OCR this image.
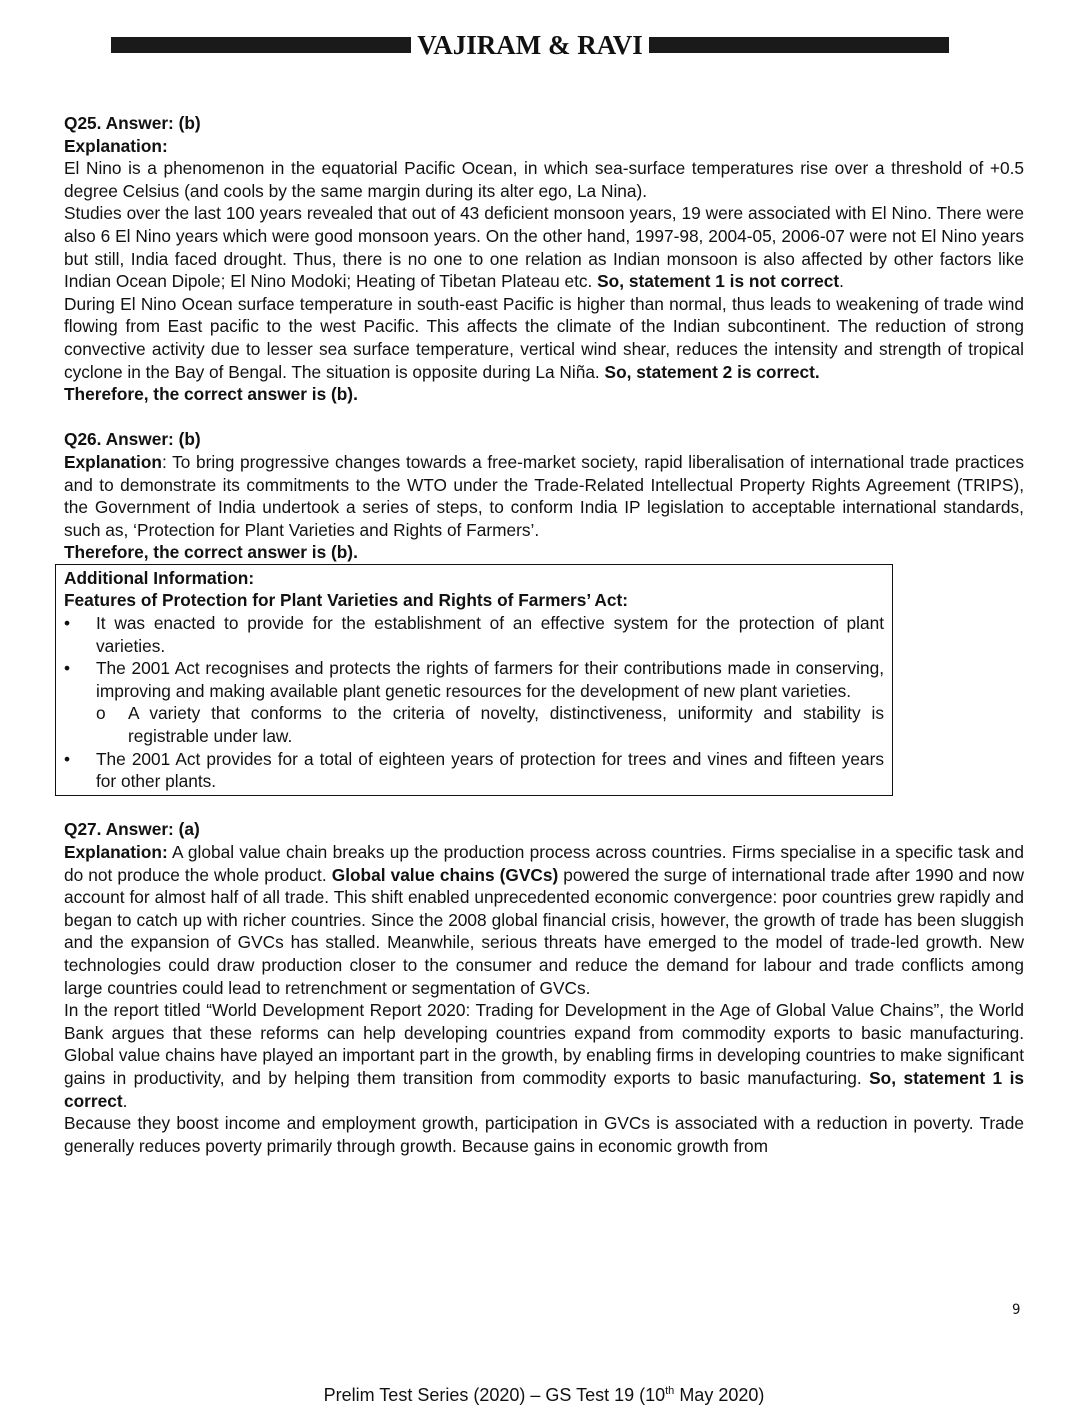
VAJIRAM & RAVI

Q25. Answer: (b)

Explanation:

El Nino is a phenomenon in the equatorial Pacific Ocean, in which sea-surface temperatures rise over a threshold of +0.5 degree Celsius (and cools by the same margin during its alter ego, La Nina).

Studies over the last 100 years revealed that out of 43 deficient monsoon years, 19 were associated with El Nino. There were also 6 El Nino years which were good monsoon years. On the other hand, 1997-98, 2004-05, 2006-07 were not El Nino years but still, India faced drought. Thus, there is no one to one relation as Indian monsoon is also affected by other factors like Indian Ocean Dipole; El Nino Modoki; Heating of Tibetan Plateau etc. So, statement 1 is not correct.

During El Nino Ocean surface temperature in south-east Pacific is higher than normal, thus leads to weakening of trade wind flowing from East pacific to the west Pacific. This affects the climate of the Indian subcontinent. The reduction of strong convective activity due to lesser sea surface temperature, vertical wind shear, reduces the intensity and strength of tropical cyclone in the Bay of Bengal. The situation is opposite during La Niña. So, statement 2 is correct.

Therefore, the correct answer is (b).

Q26. Answer: (b)

Explanation: To bring progressive changes towards a free-market society, rapid liberalisation of international trade practices and to demonstrate its commitments to the WTO under the Trade-Related Intellectual Property Rights Agreement (TRIPS), the Government of India undertook a series of steps, to conform India IP legislation to acceptable international standards, such as, ‘Protection for Plant Varieties and Rights of Farmers’.

Therefore, the correct answer is (b).

Additional Information:

Features of Protection for Plant Varieties and Rights of Farmers’ Act:

•	It was enacted to provide for the establishment of an effective system for the protection of plant varieties.
•	The 2001 Act recognises and protects the rights of farmers for their contributions made in conserving, improving and making available plant genetic resources for the development of new plant varieties.
o	A variety that conforms to the criteria of novelty, distinctiveness, uniformity and stability is registrable under law.
•	The 2001 Act provides for a total of eighteen years of protection for trees and vines and fifteen years for other plants.

Q27. Answer: (a)

Explanation: A global value chain breaks up the production process across countries. Firms specialise in a specific task and do not produce the whole product. Global value chains (GVCs) powered the surge of international trade after 1990 and now account for almost half of all trade. This shift enabled unprecedented economic convergence: poor countries grew rapidly and began to catch up with richer countries. Since the 2008 global financial crisis, however, the growth of trade has been sluggish and the expansion of GVCs has stalled. Meanwhile, serious threats have emerged to the model of trade-led growth. New technologies could draw production closer to the consumer and reduce the demand for labour and trade conflicts among large countries could lead to retrenchment or segmentation of GVCs.

In the report titled “World Development Report 2020: Trading for Development in the Age of Global Value Chains”, the World Bank argues that these reforms can help developing countries expand from commodity exports to basic manufacturing. Global value chains have played an important part in the growth, by enabling firms in developing countries to make significant gains in productivity, and by helping them transition from commodity exports to basic manufacturing. So, statement 1 is correct.

Because they boost income and employment growth, participation in GVCs is associated with a reduction in poverty. Trade generally reduces poverty primarily through growth. Because gains in economic growth from

9
Prelim Test Series (2020) – GS Test 19 (10th May 2020)
